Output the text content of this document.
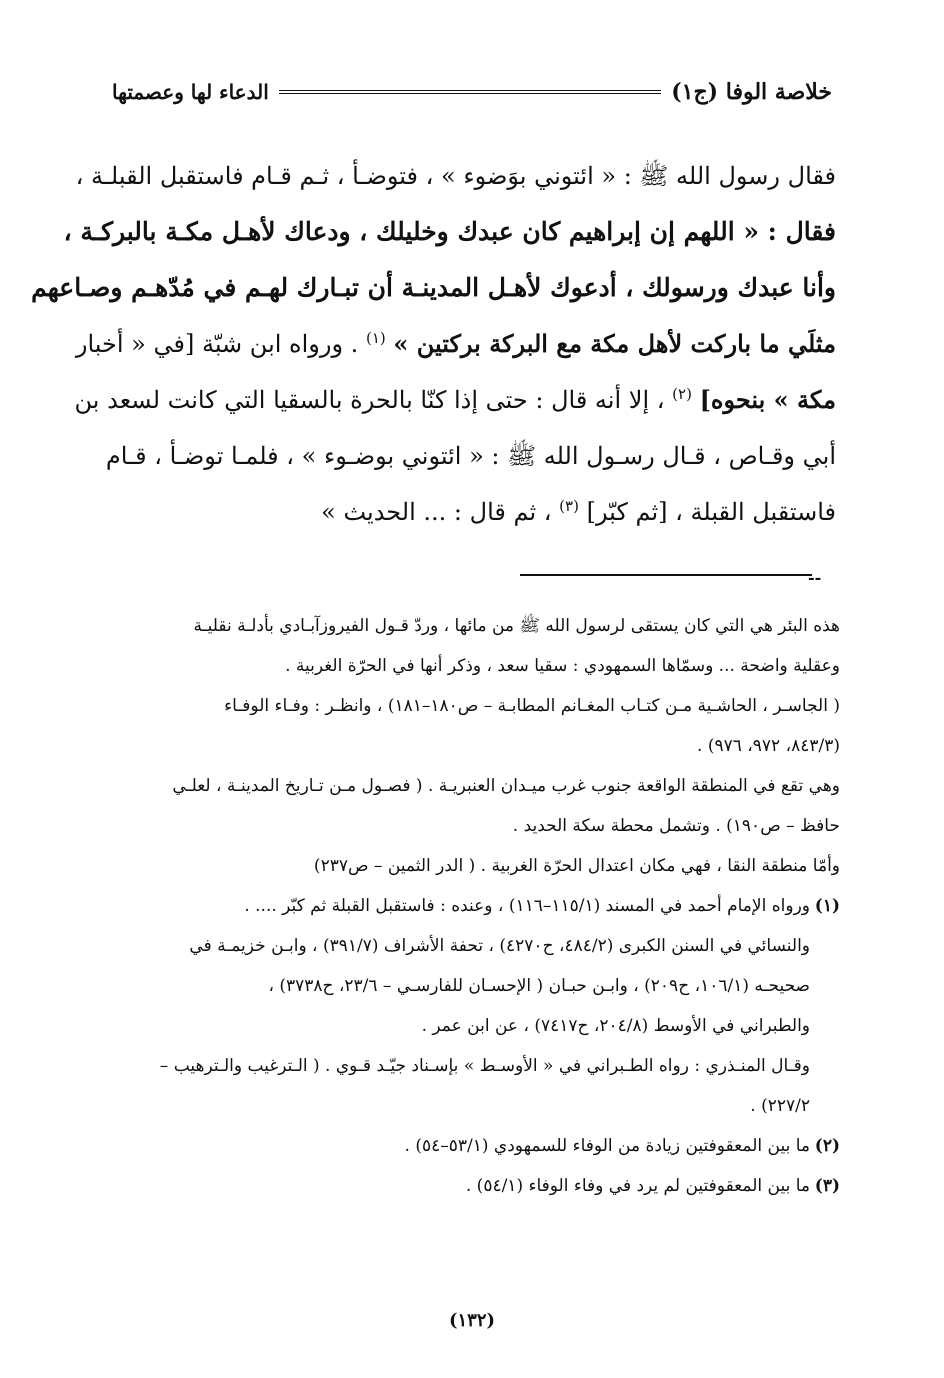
خلاصة الوفا (ج١)
الدعاء لها وعصمتها
فقال رسول الله ﷺ : « ائتوني بوَضوء » ، فتوضـأ ، ثـم قـام فاستقبل القبلـة ،
فقال : « اللهم إن إبراهيم كان عبدك وخليلك ، ودعاك لأهـل مكـة بالبركـة ،
وأنا عبدك ورسولك ، أدعوك لأهـل المدينـة أن تبـارك لهـم في مُدّهـم وصـاعهم
مثلَي ما باركت لأهل مكة مع البركة بركتين » $^{(١)}$ . ورواه ابن شبّة [في « أخبار
مكة » بنحوه] $^{(٢)}$ ، إلا أنه قال : حتى إذا كنّا بالحرة بالسقيا التي كانت لسعد بن
أبي وقـاص ، قـال رسـول الله ﷺ : « ائتوني بوضـوء » ، فلمـا توضـأ ، قـام
فاستقبل القبلة ، [ثم كبّر] $^{(٣)}$ ، ثم قال : ... الحديث »
--
هذه البئر هي التي كان يستقى لرسول الله ﷺ من مائها ، وردّ قـول الفيروزآبـادي بأدلـة نقليـة
وعقلية واضحة ... وسمّاها السمهودي : سقيا سعد ، وذكر أنها في الحرّة الغربية .
( الجاسـر ، الحاشـية مـن كتـاب المغـانم المطابـة – ص١٨٠–١٨١) ، وانظـر : وفـاء الوفـاء
(٨٤٣/٣، ٩٧٢، ٩٧٦) .
وهي تقع في المنطقة الواقعة جنوب غرب ميـدان العنبريـة . ( فصـول مـن تـاريخ المدينـة ، لعلـي
حافظ – ص١٩٠) . وتشمل محطة سكة الحديد .
وأمّا منطقة النقا ، فهي مكان اعتدال الحرّة الغربية . ( الدر الثمين – ص٢٣٧)
(١)ورواه الإمام أحمد في المسند (١١٥/١–١١٦) ، وعنده : فاستقبل القبلة ثم كبّر .... .
والنسائي في السنن الكبرى (٤٨٤/٢، ح٤٢٧٠) ، تحفة الأشراف (٣٩١/٧) ، وابـن خزيمـة في
صحيحـه (١٠٦/١، ح٢٠٩) ، وابـن حبـان ( الإحسـان للفارسـي – ٢٣/٦، ح٣٧٣٨) ،
والطبراني في الأوسط (٢٠٤/٨، ح٧٤١٧) ، عن ابن عمر .
وقـال المنـذري : رواه الطـبراني في « الأوسـط » بإسـناد جيّـد قـوي . ( الـترغيب والـترهيب –
٢٢٧/٢) .
(٢)ما بين المعقوفتين زيادة من الوفاء للسمهودي (٥٣/١–٥٤) .
(٣)ما بين المعقوفتين لم يرد في وفاء الوفاء (٥٤/١) .
(١٣٢)
